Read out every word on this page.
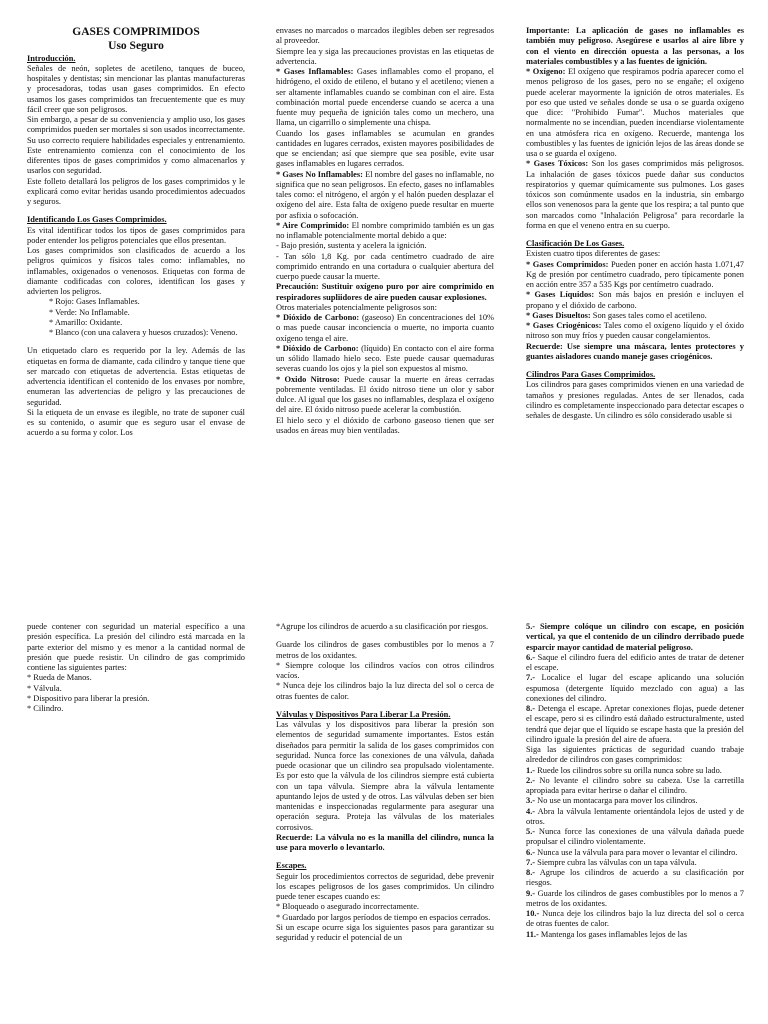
GASES COMPRIMIDOS

Uso Seguro

Introducción.

Señales de neón, sopletes de acetileno, tanques de buceo, hospitales y dentistas; sin mencionar las plantas manufactureras y procesadoras, todas usan gases comprimidos. En efecto usamos los gases comprimidos tan frecuentemente que es muy fácil creer que son peligrosos.

Sin embargo, a pesar de su conveniencia y amplio uso, los gases comprimidos pueden ser mortales si son usados incorrectamente. Su uso correcto requiere habilidades especiales y entrenamiento. Este entrenamiento comienza con el conocimiento de los diferentes tipos de gases comprimidos y como almacenarlos y usarlos con seguridad.

Este folleto detallará los peligros de los gases comprimidos y le explicará como evitar heridas usando procedimientos adecuados y seguros.

Identificando Los Gases Comprimidos.

Es vital identificar todos los tipos de gases comprimidos para poder entender los peligros potenciales que ellos presentan.

Los gases comprimidos son clasificados de acuerdo a los peligros químicos y físicos tales como: inflamables, no inflamables, oxigenados o venenosos. Etiquetas con forma de diamante codificadas con colores, identifican los gases y advierten los peligros.

* Rojo: Gases Inflamables.

* Verde: No Inflamable.

* Amarillo: Oxidante.

* Blanco (con una calavera y huesos cruzados): Veneno.

Un etiquetado claro es requerido por la ley. Además de las etiquetas en forma de diamante, cada cilindro y tanque tiene que ser marcado con etiquetas de advertencia. Estas etiquetas de advertencia identifican el contenido de los envases por nombre, enumeran las advertencias de peligro y las precauciones de seguridad.

Si la etiqueta de un envase es ilegible, no trate de suponer cuál es su contenido, o asumir que es seguro usar el envase de acuerdo a su forma y color. Los

envases no marcados o marcados ilegibles deben ser regresados al proveedor.

Siempre lea y siga las precauciones provistas en las etiquetas de advertencia.

* Gases Inflamables: Gases inflamables como el propano, el hidrógeno, el oxido de etileno, el butano y el acetileno; vienen a ser altamente inflamables cuando se combinan con el aire. Esta combinación mortal puede encenderse cuando se acerca a una fuente muy pequeña de ignición tales como un mechero, una llama, un cigarrillo o simplemente una chispa.

Cuando los gases inflamables se acumulan en grandes cantidades en lugares cerrados, existen mayores posibilidades de que se enciendan; así que siempre que sea posible, evite usar gases inflamables en lugares cerrados.

* Gases No Inflamables: El nombre del gases no inflamable, no significa que no sean peligrosos. En efecto, gases no inflamables tales como: el nitrógeno, el argón y el halón pueden desplazar el oxígeno del aire. Esta falta de oxígeno puede resultar en muerte por asfixia o sofocación.

* Aire Comprimido: El nombre comprimido también es un gas no inflamable potencialmente mortal debido a que:

- Bajo presión, sustenta y acelera la ignición.

- Tan sólo 1,8 Kg. por cada centímetro cuadrado de aire comprimido entrando en una cortadura o cualquier abertura del cuerpo puede causar la muerte.

Precaución: Sustituir oxígeno puro por aire comprimido en respiradores supliidores de aire pueden causar explosiones.

Otros materiales potencialmente peligrosos son:

* Dióxido de Carbono: (gaseoso) En concentraciones del 10% o mas puede causar inconciencia o muerte, no importa cuanto oxígeno tenga el aire.

* Dióxido de Carbono: (líquido) En contacto con el aire forma un sólido llamado hielo seco. Este puede causar quemaduras severas cuando los ojos y la piel son expuestos al mismo.

* Oxido Nitroso: Puede causar la muerte en áreas cerradas pobremente ventiladas. El óxido nitroso tiene un olor y sabor dulce. Al igual que los gases no inflamables, desplaza el oxígeno del aire. El óxido nitroso puede acelerar la combustión.

El hielo seco y el dióxido de carbono gaseoso tienen que ser usados en áreas muy bien ventiladas.

Importante: La aplicación de gases no inflamables es también muy peligroso. Asegúrese e usarlos al aire libre y con el viento en dirección opuesta a las personas, a los materiales combustibles y a las fuentes de ignición.

* Oxígeno: El oxígeno que respiramos podría aparecer como el menos peligroso de los gases, pero no se engañe; el oxígeno puede acelerar mayormente la ignición de otros materiales. Es por eso que usted ve señales donde se usa o se guarda oxígeno que dice: "Prohibido Fumar". Muchos materiales que normalmente no se incendian, pueden incendiarse violentamente en una atmósfera rica en oxígeno. Recuerde, mantenga los combustibles y las fuentes de ignición lejos de las áreas donde se usa o se guarda el oxígeno.

* Gases Tóxicos: Son los gases comprimidos más peligrosos. La inhalación de gases tóxicos puede dañar sus conductos respiratorios y quemar químicamente sus pulmones. Los gases tóxicos son comúnmente usados en la industria, sin embargo ellos son venenosos para la gente que los respira; a tal punto que son marcados como "Inhalación Peligrosa" para recordarle la forma en que el veneno entra en su cuerpo.

Clasificación De Los Gases.

Existen cuatro tipos diferentes de gases:

* Gases Comprimidos: Pueden poner en acción hasta 1.071,47 Kg de presión por centímetro cuadrado, pero típicamente ponen en acción entre 357 a 535 Kgs por centímetro cuadrado.

* Gases Líquidos: Son más bajos en presión e incluyen el propano y el dióxido de carbono.

* Gases Disueltos: Son gases tales como el acetileno.

* Gases Criogénicos: Tales como el oxígeno líquido y el óxido nitroso son muy fríos y pueden causar congelamientos.

Recuerde: Use siempre una máscara, lentes protectores y guantes aisladores cuando maneje gases criogénicos.

Cilindros Para Gases Comprimidos.

Los cilindros para gases comprimidos vienen en una variedad de tamaños y presiones reguladas. Antes de ser llenados, cada cilindro es completamente inspeccionado para detectar escapes o señales de desgaste. Un cilindro es sólo considerado usable si

puede contener con seguridad un material específico a una presión específica. La presión del cilindro está marcada en la parte exterior del mismo y es menor a la cantidad normal de presión que puede resistir. Un cilindro de gas comprimido contiene las siguientes partes:

* Rueda de Manos.

* Válvula.

* Dispositivo para liberar la presión.

* Cilindro.

*Agrupe los cilindros de acuerdo a su clasificación por riesgos.

Guarde los cilindros de gases combustibles por lo menos a 7 metros de los oxidantes.

* Siempre coloque los cilindros vacíos con otros cilindros vacíos.

* Nunca deje los cilindros bajo la luz directa del sol o cerca de otras fuentes de calor.

Válvulas y Dispositivos Para Liberar La Presión.

Las válvulas y los dispositivos para liberar la presión son elementos de seguridad sumamente importantes. Estos están diseñados para permitir la salida de los gases comprimidos con seguridad. Nunca force las conexiones de una válvula, dañada puede ocasionar que un cilindro sea propulsado violentamente. Es por esto que la válvula de los cilindros siempre está cubierta con un tapa válvula. Siempre abra la válvula lentamente apuntando lejos de usted y de otros. Las válvulas deben ser bien mantenidas e inspeccionadas regularmente para asegurar una operación segura. Proteja las válvulas de los materiales corrosivos.

Recuerde: La válvula no es la manilla del cilindro, nunca la use para moverlo o levantarlo.

Escapes.

Seguir los procedimientos correctos de seguridad, debe prevenir los escapes peligrosos de los gases comprimidos. Un cilindro puede tener escapes cuando es:

* Bloqueado o asegurado incorrectamente.

* Guardado por largos períodos de tiempo en espacios cerrados.

Si un escape ocurre siga los siguientes pasos para garantizar su seguridad y reducir el potencial de un

5.- Siempre colóque un cilindro con escape, en posición vertical, ya que el contenido de un cilindro derribado puede esparcir mayor cantidad de material peligroso.

6.- Saque el cilindro fuera del edificio antes de tratar de detener el escape.

7.- Localice el lugar del escape aplicando una solución espumosa (detergente líquido mezclado con agua) a las conexiones del cilindro.

8.- Detenga el escape. Apretar conexiones flojas, puede detener el escape, pero si es cilindro está dañado estructuralmente, usted tendrá que dejar que el líquido se escape hasta que la presión del cilindro iguale la presión del aire de afuera.

Siga las siguientes prácticas de seguridad cuando trabaje alrededor de cilindros con gases comprimidos:

1.- Ruede los cilindros sobre su orilla nunca sobre su lado.

2.- No levante el cilindro sobre su cabeza. Use la carretilla apropiada para evitar herirse o dañar el cilindro.

3.- No use un montacarga para mover los cilindros.

4.- Abra la válvula lentamente orientándola lejos de usted y de otros.

5.- Nunca force las conexiones de una válvula dañada puede propulsar el cilindro violentamente.

6.- Nunca use la válvula para para mover o levantar el cilindro.

7.- Siempre cubra las válvulas con un tapa válvula.

8.- Agrupe los cilindros de acuerdo a su clasificación por riesgos.

9.- Guarde los cilindros de gases combustibles por lo menos a 7 metros de los oxidantes.

10.- Nunca deje los cilindros bajo la luz directa del sol o cerca de otras fuentes de calor.

11.- Mantenga los gases inflamables lejos de las
